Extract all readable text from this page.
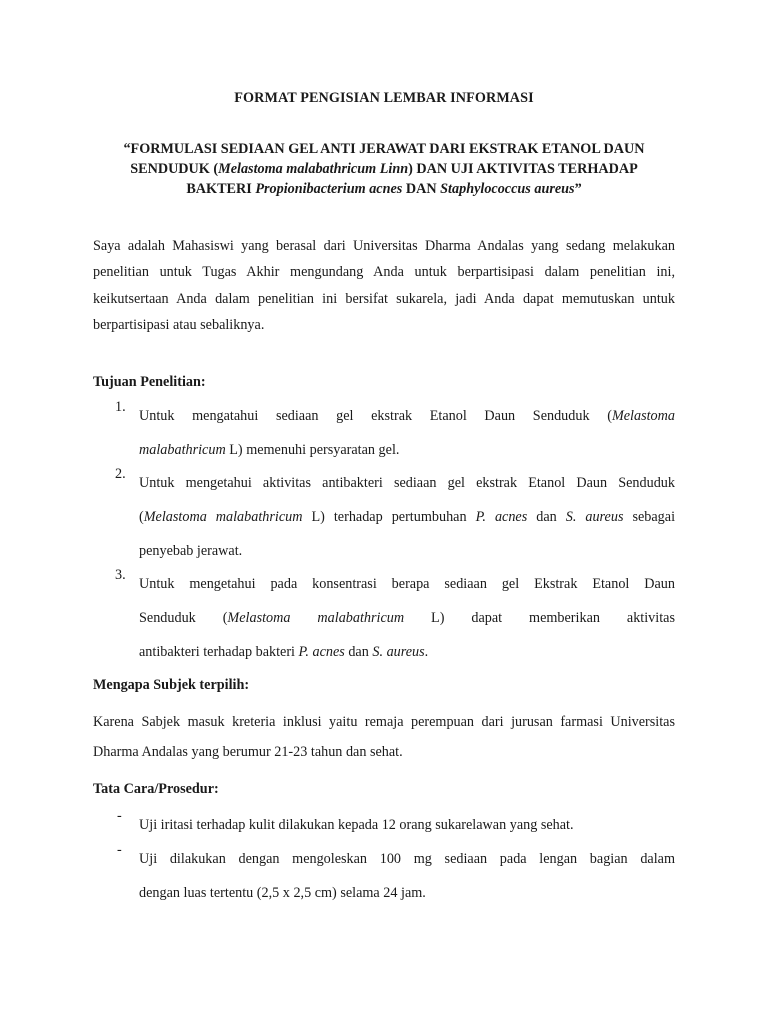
FORMAT PENGISIAN LEMBAR INFORMASI
“FORMULASI SEDIAAN GEL ANTI JERAWAT DARI EKSTRAK ETANOL DAUN
SENDUDUK (Melastoma malabathricum Linn) DAN UJI AKTIVITAS TERHADAP
BAKTERI Propionibacterium acnes DAN Staphylococcus aureus”
Saya adalah Mahasiswi yang berasal dari Universitas Dharma Andalas yang sedang melakukan penelitian untuk Tugas Akhir mengundang Anda untuk berpartisipasi dalam penelitian ini, keikutsertaan Anda dalam penelitian ini bersifat sukarela, jadi Anda dapat memutuskan untuk berpartisipasi atau sebaliknya.
Tujuan Penelitian:
1.
Untuk mengatahui sediaan gel ekstrak Etanol Daun Senduduk (Melastoma
malabathricum L) memenuhi persyaratan gel.
2.
Untuk mengetahui aktivitas antibakteri sediaan gel ekstrak Etanol Daun Senduduk
(Melastoma malabathricum L) terhadap pertumbuhan P. acnes dan S. aureus sebagai
penyebab jerawat.
3.
Untuk mengetahui pada konsentrasi berapa sediaan gel Ekstrak Etanol Daun
Senduduk (Melastoma malabathricum L) dapat memberikan aktivitas
antibakteri terhadap bakteri P. acnes dan S. aureus.
Mengapa Subjek terpilih:
Karena Sabjek masuk kreteria inklusi yaitu remaja perempuan dari jurusan farmasi Universitas Dharma Andalas yang berumur 21-23 tahun dan sehat.
Tata Cara/Prosedur:
-
Uji iritasi terhadap kulit dilakukan kepada 12 orang sukarelawan yang sehat.
-
Uji dilakukan dengan mengoleskan 100 mg sediaan pada lengan bagian dalam
dengan luas tertentu (2,5 x 2,5 cm) selama 24 jam.
